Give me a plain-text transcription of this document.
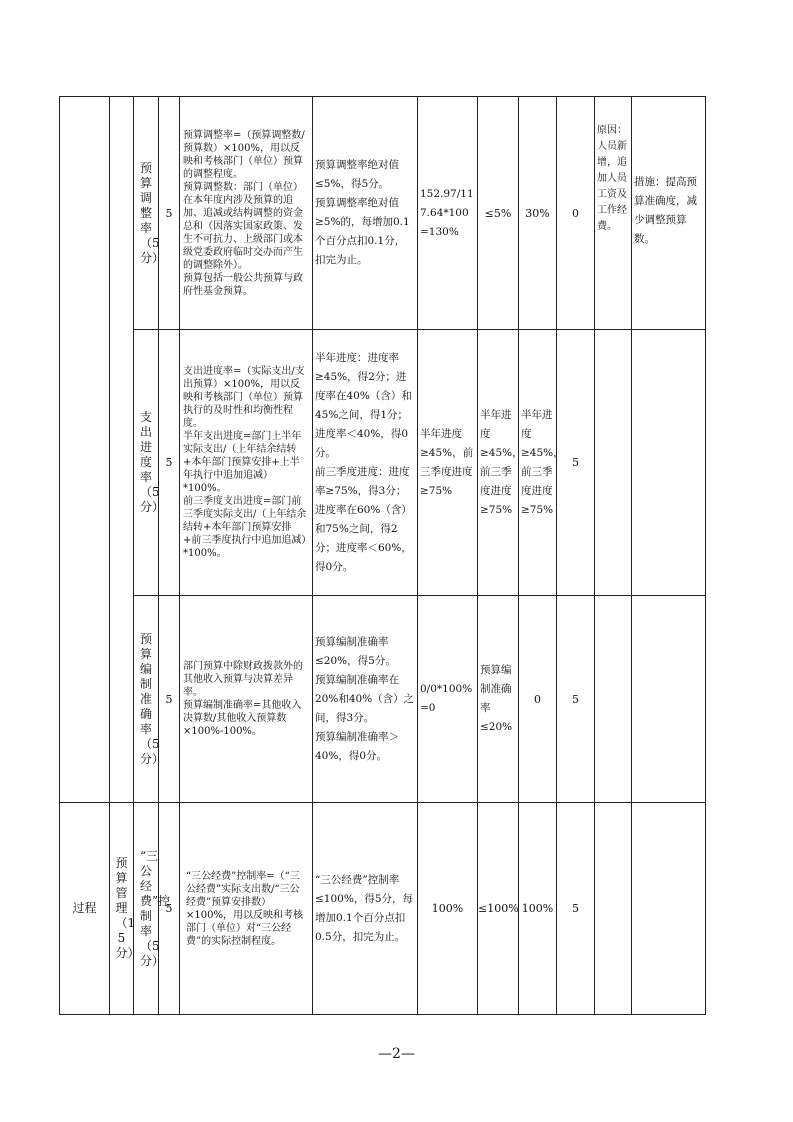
		预算调整率（5分）	5	预算调整率=（预算调整数/预算数）×100%，用以反映和考核部门（单位）预算的调整程度。
预算调整数：部门（单位）在本年度内涉及预算的追加、追减或结构调整的资金总和（因落实国家政策、发生不可抗力、上级部门或本级党委政府临时交办而产生的调整除外）。
预算包括一般公共预算与政府性基金预算。	预算调整率绝对值≤5%，得5分。
预算调整率绝对值≥5%的，每增加0.1个百分点扣0.1分，扣完为止。	152.97/117.64*100=130%	≤5%	30%	0	原因：人员新增，追加人员工资及工作经费。	措施：提高预算准确度，减少调整预算数。

		支出进度率（5分）	5	支出进度率=（实际支出/支出预算）×100%，用以反映和考核部门（单位）预算执行的及时性和均衡性程度。
半年支出进度=部门上半年实际支出/（上年结余结转+本年部门预算安排+上半年执行中追加追减）*100%。
前三季度支出进度=部门前三季度实际支出/（上年结余结转+本年部门预算安排+前三季度执行中追加追减）*100%。	半年进度：进度率≥45%，得2分；进度率在40%（含）和45%之间，得1分；进度率＜40%，得0分。
前三季度进度：进度率≥75%，得3分；进度率在60%（含）和75%之间，得2分；进度率＜60%，得0分。	半年进度≥45%，前三季度进度≥75%	半年进度≥45%，前三季度进度≥75%	半年进度≥45%，前三季度进度≥75%	5		

		预算编制准确率（5分）	5	部门预算中除财政拨款外的其他收入预算与决算差异率。
预算编制准确率=其他收入决算数/其他收入预算数×100%-100%。	预算编制准确率≤20%，得5分。
预算编制准确率在20%和40%（含）之间，得3分。
预算编制准确率＞40%，得0分。	0/0*100%=0	预算编制准确率≤20%	0	5		

过程	预算管理（15分）	“三公经费”控制率（5分）	5	“三公经费”控制率=（“三公经费”实际支出数/“三公经费”预算安排数）×100%，用以反映和考核部门（单位）对“三公经费”的实际控制程度。	“三公经费”控制率≤100%，得5分，每增加0.1个百分点扣0.5分，扣完为止。	100%	≤100%	100%	5		
—2—
